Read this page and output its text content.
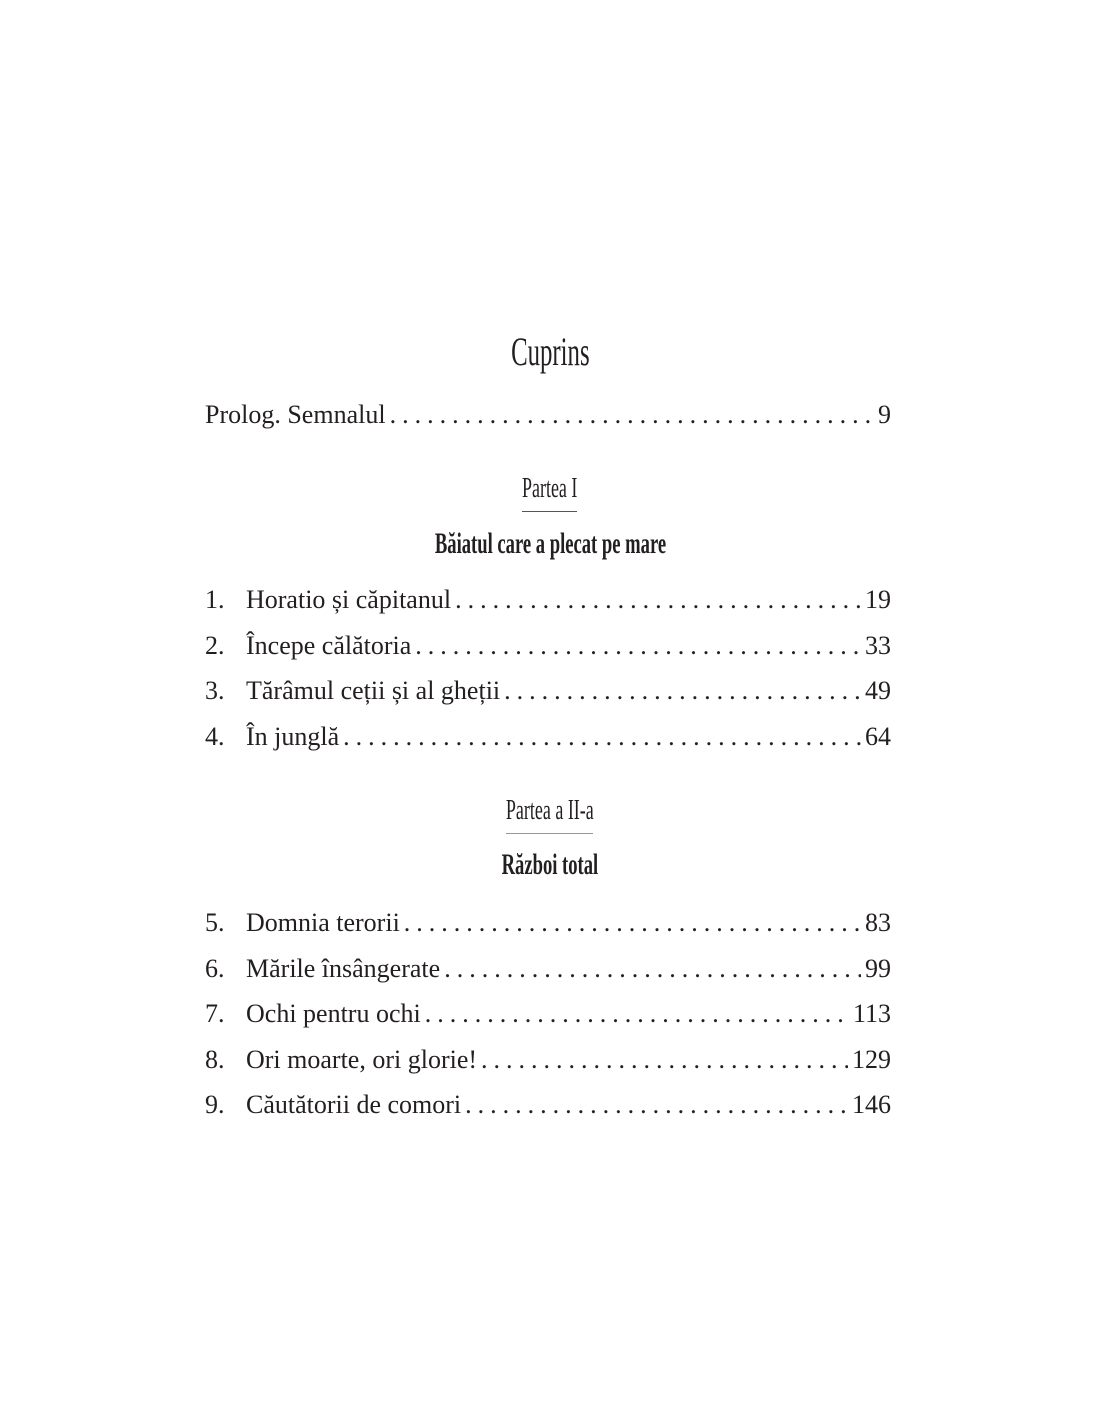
Cuprins
Prolog. Semnalul . . .	9
Partea I
Băiatul care a plecat pe mare
1. Horatio și căpitanul . . .	19
2. Începe călătoria . . .	33
3. Tărâmul ceții și al gheții . . .	49
4. În junglă . . .	64
Partea a II-a
Război total
5. Domnia terorii . . .	83
6. Mările însângerate . . .	99
7. Ochi pentru ochi . . .	113
8. Ori moarte, ori glorie! . . .	129
9. Căutătorii de comori . . .	146
